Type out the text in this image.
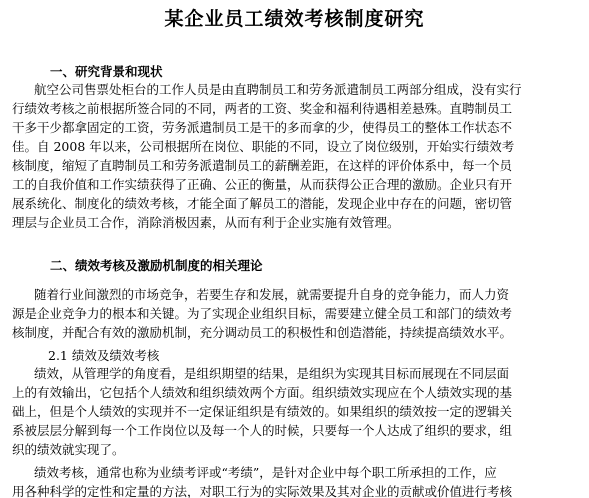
某企业员工绩效考核制度研究
一、研究背景和现状
航空公司售票处柜台的工作人员是由直聘制员工和劳务派遣制员工两部分组成，没有实行
行绩效考核之前根据所签合同的不同，两者的工资、奖金和福利待遇相差悬殊。直聘制员工
干多干少都拿固定的工资，劳务派遣制员工是干的多而拿的少，使得员工的整体工作状态不
佳。自 2008 年以来，公司根据所在岗位、职能的不同，设立了岗位级别，开始实行绩效考
核制度，缩短了直聘制员工和劳务派遣制员工的薪酬差距，在这样的评价体系中，每一个员
工的自我价值和工作实绩获得了正确、公正的衡量，从而获得公正合理的激励。企业只有开
展系统化、制度化的绩效考核，才能全面了解员工的潜能，发现企业中存在的问题，密切管
理层与企业员工合作，消除消极因素，从而有利于企业实施有效管理。
二、绩效考核及激励机制度的相关理论
随着行业间激烈的市场竞争，若要生存和发展，就需要提升自身的竞争能力，而人力资
源是企业竞争力的根本和关键。为了实现企业组织目标，需要建立健全员工和部门的绩效考
核制度，并配合有效的激励机制，充分调动员工的积极性和创造潜能，持续提高绩效水平。
2.1 绩效及绩效考核
绩效，从管理学的角度看，是组织期望的结果，是组织为实现其目标而展现在不同层面
上的有效输出，它包括个人绩效和组织绩效两个方面。组织绩效实现应在个人绩效实现的基
础上，但是个人绩效的实现并不一定保证组织是有绩效的。如果组织的绩效按一定的逻辑关
系被层层分解到每一个工作岗位以及每一个人的时候，只要每一个人达成了组织的要求，组
织的绩效就实现了。
绩效考核，通常也称为业绩考评或“考绩”，是针对企业中每个职工所承担的工作，应
用各种科学的定性和定量的方法，对职工行为的实际效果及其对企业的贡献或价值进行考核
